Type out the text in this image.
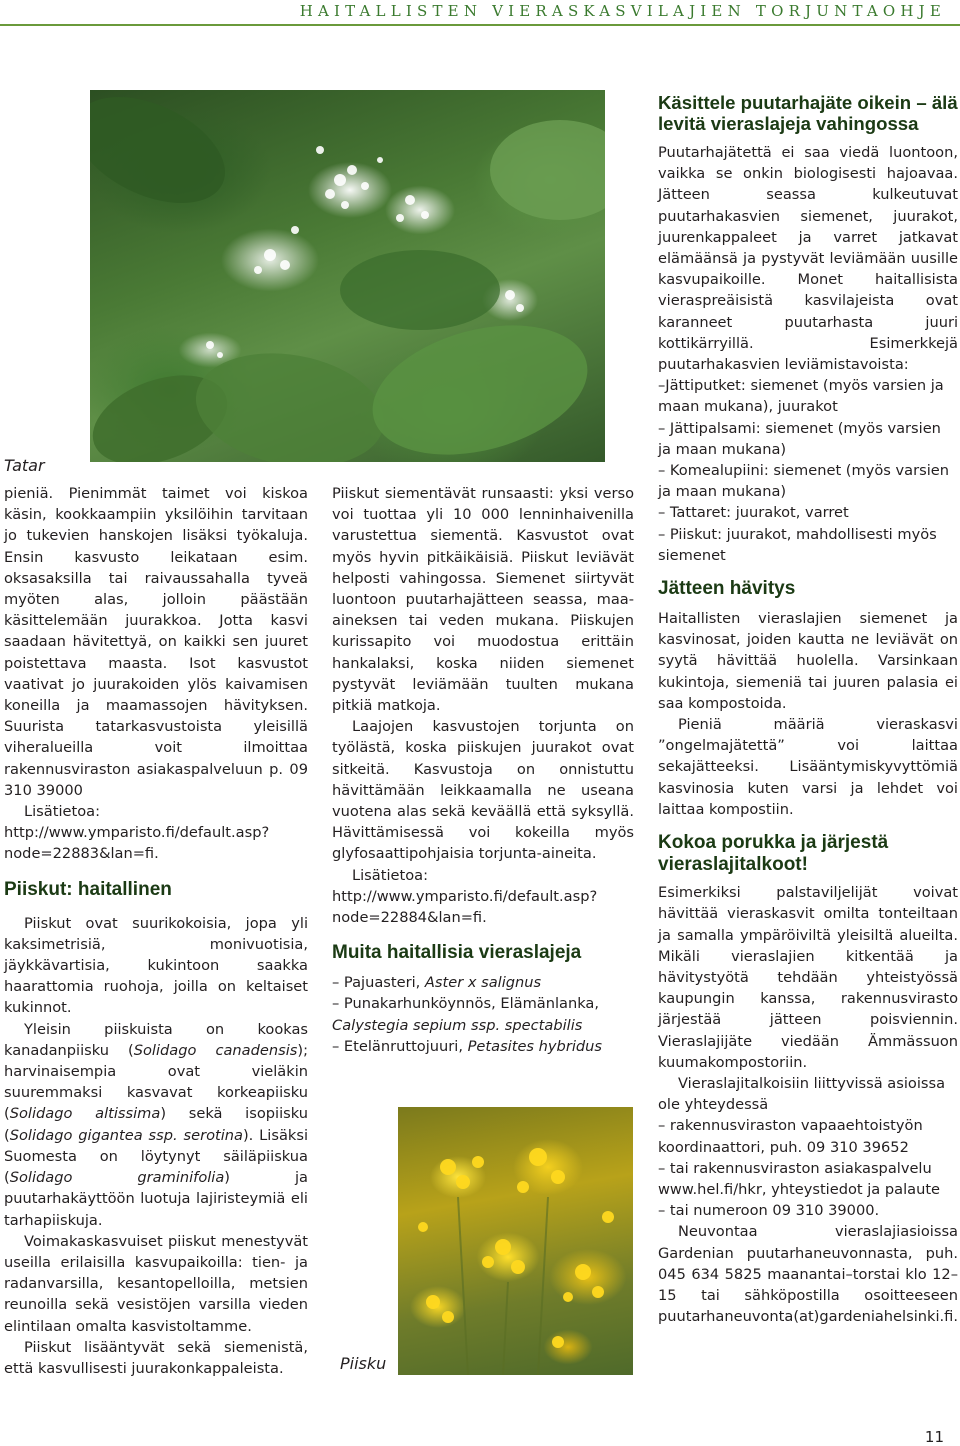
HAITALLISTEN VIERASKASVILAJIEN TORJUNTAOHJE
Tatar
Piisku

pieniä. Pienimmät taimet voi kiskoa käsin, kookkaampiin yksilöihin tarvitaan jo tukevien hanskojen lisäksi työkaluja. Ensin kasvusto leikataan esim. oksasaksilla tai raivaussahalla tyveä myöten alas, jolloin päästään käsittelemään juurakkoa. Jotta kasvi saadaan hävitettyä, on kaikki sen juuret poistettava maasta. Isot kasvustot vaativat jo juurakoiden ylös kaivamisen koneilla ja maamassojen hävityksen. Suurista tatarkasvustoista yleisillä viheralueilla voit ilmoittaa rakennusviraston asiakaspalveluun p. 09 310 39000

Lisätietoa: http://www.ymparisto.fi/default.asp?node=22883&lan=fi.

Piiskut: haitallinen

Piiskut ovat suurikokoisia, jopa yli kaksimetrisiä, monivuotisia, jäykkävartisia, kukintoon saakka haarattomia ruohoja, joilla on keltaiset kukinnot.

Yleisin piiskuista on kookas kanadanpiisku (Solidago canadensis); harvinaisempia ovat vieläkin suuremmaksi kasvavat korkeapiisku (Solidago altissima) sekä isopiisku (Solidago gigantea ssp. serotina). Lisäksi Suomesta on löytynyt säiläpiiskua (Solidago graminifolia) ja puutarhakäyttöön luotuja lajiristeymiä eli tarhapiiskuja.

Voimakaskasvuiset piiskut menestyvät useilla erilaisilla kasvupaikoilla: tien- ja radanvarsilla, kesantopelloilla, metsien reunoilla sekä vesistöjen varsilla vieden elintilaan omalta kasvistoltamme.

Piiskut lisääntyvät sekä siemenistä, että kasvullisesti juurakonkappaleista.

Piiskut siementävät runsaasti: yksi verso voi tuottaa yli 10 000 lenninhaivenilla varustettua siementä. Kasvustot ovat myös hyvin pitkäikäisiä. Piiskut leviävät helposti vahingossa. Siemenet siirtyvät luontoon puutarhajätteen seassa, maa-aineksen tai veden mukana. Piiskujen kurissapito voi muodostua erittäin hankalaksi, koska niiden siemenet pystyvät leviämään tuulten mukana pitkiä matkoja.

Laajojen kasvustojen torjunta on työlästä, koska piiskujen juurakot ovat sitkeitä. Kasvustoja on onnistuttu hävittämään leikkaamalla ne useana vuotena alas sekä keväällä että syksyllä. Hävittämisessä voi kokeilla myös glyfosaattipohjaisia torjunta-aineita.

Lisätietoa: http://www.ymparisto.fi/default.asp?node=22884&lan=fi.

Muita haitallisia vieraslajeja

– Pajuasteri, Aster x salignus

– Punakarhunköynnös, Elämänlanka, Calystegia sepium ssp. spectabilis

– Etelänruttojuuri, Petasites hybridus

Käsittele puutarhajäte oikein – älä levitä vieraslajeja vahingossa

Puutarhajätettä ei saa viedä luontoon, vaikka se onkin biologisesti hajoavaa. Jätteen seassa kulkeutuvat puutarhakasvien siemenet, juurakot, juurenkappaleet ja varret jatkavat elämäänsä ja pystyvät leviämään uusille kasvupaikoille. Monet haitallisista vieraspreäisistä kasvilajeista ovat karanneet puutarhasta juuri kottikärryillä. Esimerkkejä puutarhakasvien leviämistavoista:

–Jättiputket: siemenet (myös varsien ja maan mukana), juurakot

– Jättipalsami: siemenet (myös varsien ja maan mukana)

– Komealupiini: siemenet (myös varsien ja maan mukana)

– Tattaret: juurakot, varret

– Piiskut: juurakot, mahdollisesti myös siemenet

Jätteen hävitys

Haitallisten vieraslajien siemenet ja kasvinosat, joiden kautta ne leviävät on syytä hävittää huolella. Varsinkaan kukintoja, siemeniä tai juuren palasia ei saa kompostoida.

Pieniä määriä vieraskasvi ”ongelmajätettä” voi laittaa sekajätteeksi. Lisääntymiskyvyttömiä kasvinosia kuten varsi ja lehdet voi laittaa kompostiin.

Kokoa porukka ja järjestä vieraslajitalkoot!

Esimerkiksi palstaviljelijät voivat hävittää vieraskasvit omilta tonteiltaan ja samalla ympäröiviltä yleisiltä alueilta. Mikäli vieraslajien kitkentää ja hävitystyötä tehdään yhteistyössä kaupungin kanssa, rakennusvirasto järjestää jätteen poisviennin. Vieraslajijäte viedään Ämmässuon kuumakompostoriin.

Vieraslajitalkoisiin liittyvissä asioissa ole yhteydessä

– rakennusviraston vapaaehtoistyön koordinaattori, puh. 09 310 39652

– tai rakennusviraston asiakaspalvelu www.hel.fi/hkr, yhteystiedot ja palaute

– tai numeroon 09 310 39000.

Neuvontaa vieraslajiasioissa Gardenian puutarhaneuvonnasta, puh. 045 634 5825 maanantai–torstai klo 12–15 tai sähköpostilla osoitteeseen puutarhaneuvonta(at)gardeniahelsinki.fi.

11
